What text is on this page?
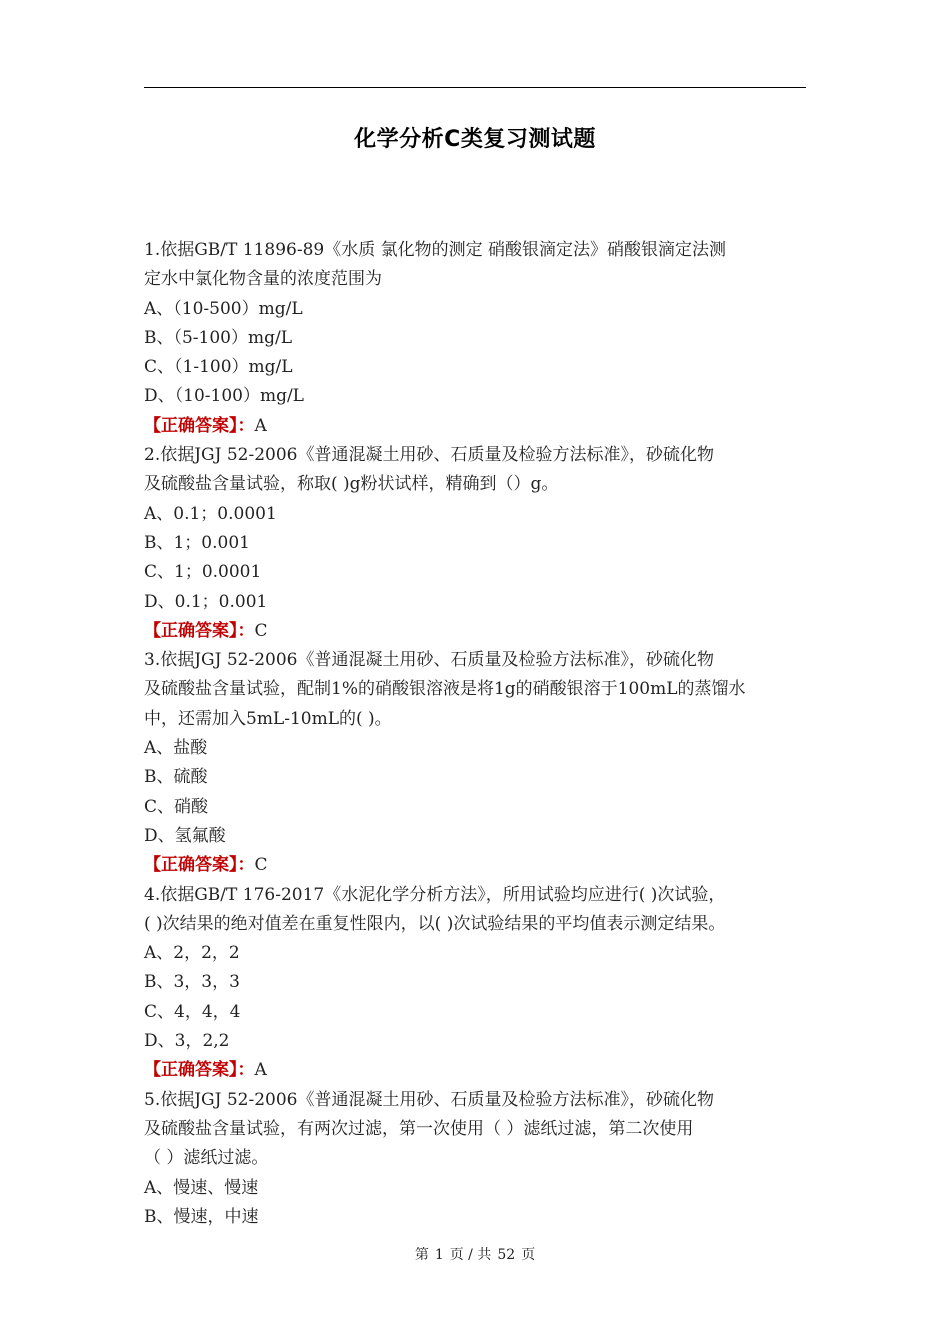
化学分析C类复习测试题
1.依据GB/T 11896-89《水质 氯化物的测定 硝酸银滴定法》硝酸银滴定法测
定水中氯化物含量的浓度范围为
A、（10-500）mg/L
B、（5-100）mg/L
C、（1-100）mg/L
D、（10-100）mg/L
【正确答案】：A
2.依据JGJ 52-2006《普通混凝土用砂、石质量及检验方法标准》，砂硫化物
及硫酸盐含量试验，称取( )g粉状试样，精确到（）g。
A、0.1；0.0001
B、1；0.001
C、1；0.0001
D、0.1；0.001
【正确答案】：C
3.依据JGJ 52-2006《普通混凝土用砂、石质量及检验方法标准》，砂硫化物
及硫酸盐含量试验，配制1%的硝酸银溶液是将1g的硝酸银溶于100mL的蒸馏水
中，还需加入5mL-10mL的( )。
A、盐酸
B、硫酸
C、硝酸
D、氢氟酸
【正确答案】：C
4.依据GB/T 176-2017《水泥化学分析方法》，所用试验均应进行( )次试验，
( )次结果的绝对值差在重复性限内，以( )次试验结果的平均值表示测定结果。
A、2，2，2
B、3，3，3
C、4，4，4
D、3，2,2
【正确答案】：A
5.依据JGJ 52-2006《普通混凝土用砂、石质量及检验方法标准》，砂硫化物
及硫酸盐含量试验，有两次过滤，第一次使用（ ）滤纸过滤，第二次使用
（ ）滤纸过滤。
A、慢速、慢速
B、慢速，中速
第 1 页 / 共 52 页
